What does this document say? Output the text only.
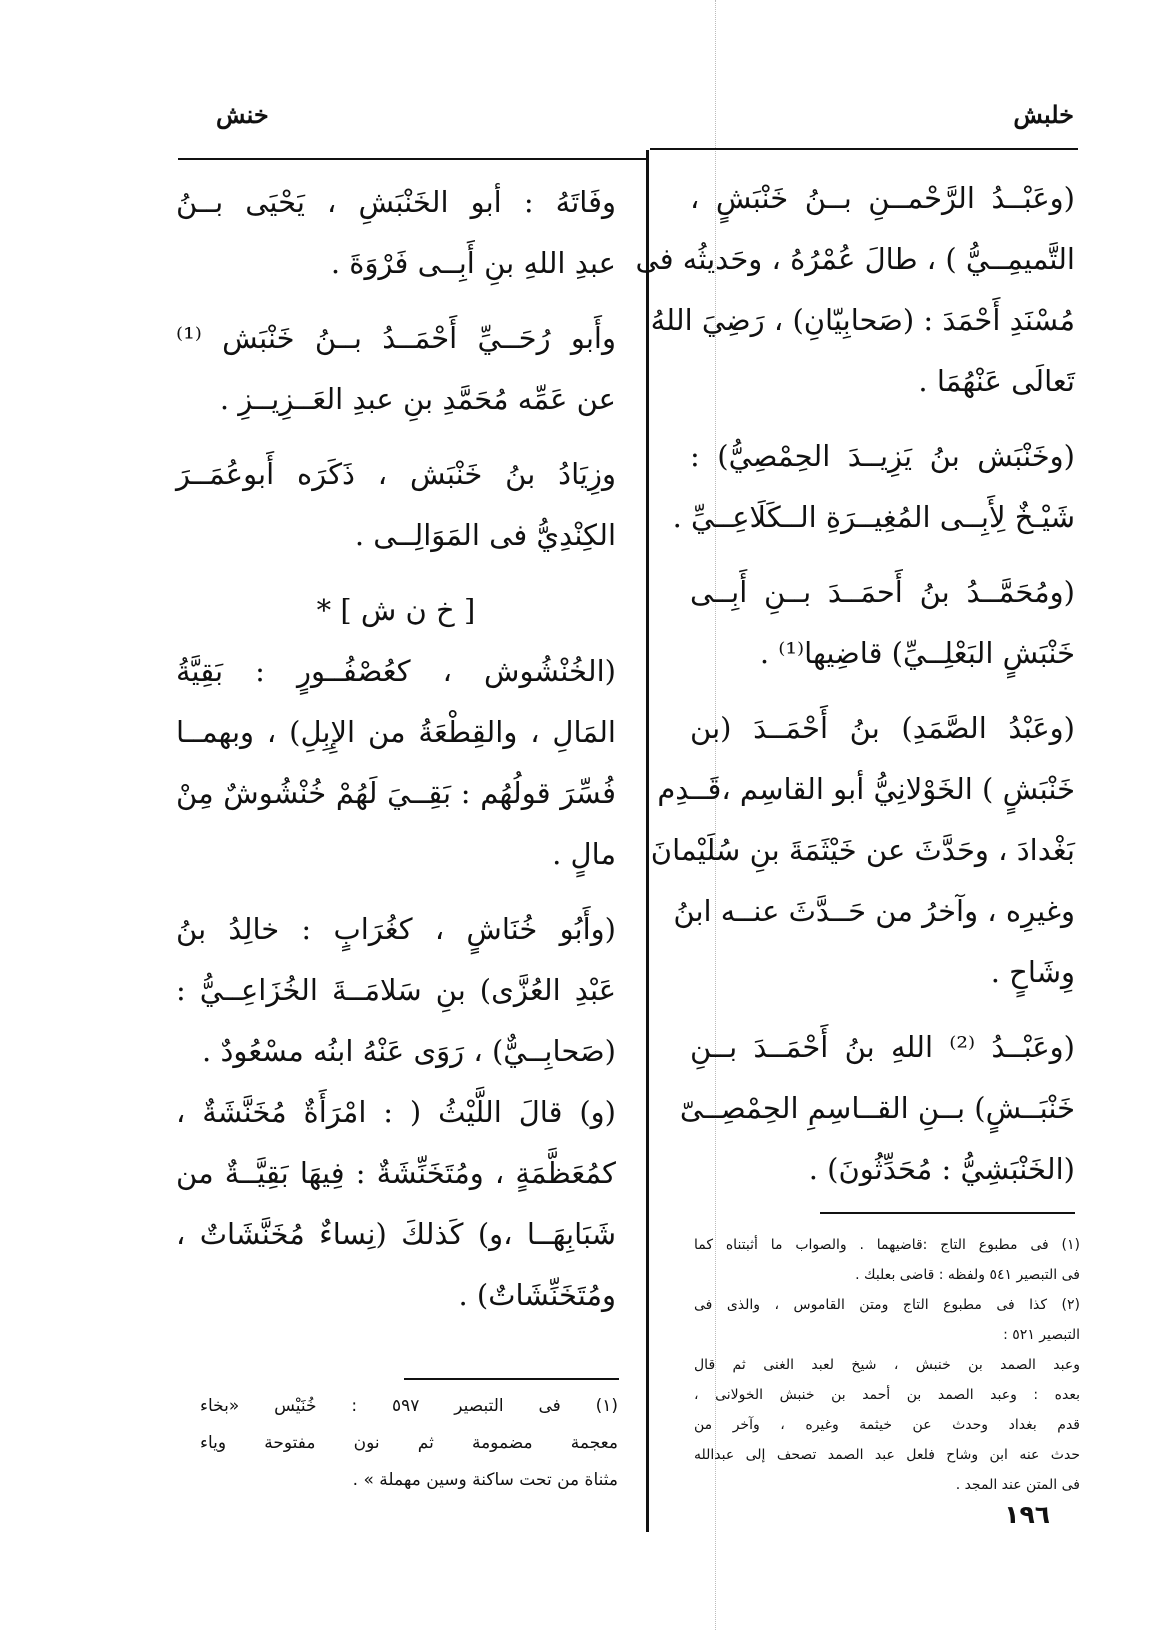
خلبش
خنش
(وعَبْــدُ الرَّحْمــنِ بــنُ خَنْبَشٍ ،
التَّميمِــيُّ ) ، طالَ عُمْرُهُ ، وحَديثُه فى
مُسْنَدِ أَحْمَدَ : (صَحابِيّانِ) ، رَضِيَ اللهُ
تَعالَى عَنْهُمَا .
(وخَنْبَش بنُ يَزِيــدَ الحِمْصِيُّ) :
شَيْـخٌ لِأَبِــى المُغِيــرَةِ الــكَلَاعِــيِّ .
(ومُحَمَّــدُ بنُ أَحمَــدَ بــنِ أَبِــى
خَنْبَشٍ البَعْلِــيِّ) قاضِيها⁽¹⁾ .
(وعَبْدُ الصَّمَدِ) بنُ أَحْمَــدَ (بن
خَنْبَشٍ ) الخَوْلانِيُّ أبو القاسِم ،قَــدِم
بَغْدادَ ، وحَدَّثَ عن خَيْثَمَةَ بنِ سُلَيْمانَ
وغيرِه ، وآخرُ من حَــدَّثَ عنــه ابنُ
وِشَاحٍ .
(وعَبْــدُ ⁽²⁾ اللهِ بنُ أَحْمَــدَ بــنِ
خَنْبَــشٍ) بــنِ القــاسِمِ الحِمْصِــىّ
(الخَنْبَشِيُّ : مُحَدِّثُونَ) .
وفَاتَهُ : أبو الخَنْبَشِ ، يَحْيَى بــنُ
عبدِ اللهِ بنِ أَبِــى فَرْوَةَ .
وأَبو رُحَــيِّ أَحْمَــدُ بــنُ خَنْبَش ⁽¹⁾
عن عَمِّه مُحَمَّدِ بنِ عبدِ العَــزِيــزِ .
وزِيَادُ بنُ خَنْبَش ، ذَكَرَه أَبوعُمَــرَ
الكِنْدِيُّ فى المَوَالِــى .
[ خ ن ش ] *
(الخُنْشُوش ، كعُصْفُــورٍ : بَقِيَّةُ
المَالِ ، والقِطْعَةُ من الإِبِلِ) ، وبهمــا
فُسِّرَ قولُهُم : بَقِــيَ لَهُمْ خُنْشُوشٌ مِنْ
مالٍ .
(وأَبُو خُنَاشٍ ، كغُرَابٍ : خالِدُ بنُ
عَبْدِ العُزَّى) بنِ سَلامَــةَ الخُزَاعِــيُّ :
(صَحابِــيٌّ) ، رَوَى عَنْهُ ابنُه مسْعُودٌ .
(و) قالَ اللَّيْثُ ( : امْرَأَةٌ مُخَنَّشَةٌ ،
كمُعَظَّمَةٍ ، ومُتَخَنِّشَةٌ : فِيهَا بَقِيَّــةٌ من
شَبَابِهَــا ،و) كَذلكَ (نِساءٌ مُخَنَّشَاتٌ ،
ومُتَخَنِّشَاتٌ) .
(١) فى مطبوع التاج :قاضيهما . والصواب ما أثبتناه كما
فى التبصير ٥٤١ ولفظه : قاضى بعلبك .
(٢) كذا فى مطبوع التاج ومتن القاموس ، والذى فى
التبصير ٥٢١ :
وعبد الصمد بن خنبش ، شيخ لعبد الغنى ثم قال
بعده : وعبد الصمد بن أحمد بن خنبش الخولانى ،
قدم بغداد وحدث عن خيثمة وغيره ، وآخر من
حدث عنه ابن وشاح فلعل عبد الصمد تصحف إلى عبدالله
فى المتن عند المجد .
(١) فى التبصير ٥٩٧ : خُنَيْس «بخاء
معجمة مضمومة ثم نون مفتوحة وياء
مثناة من تحت ساكنة وسين مهملة » .
١٩٦
